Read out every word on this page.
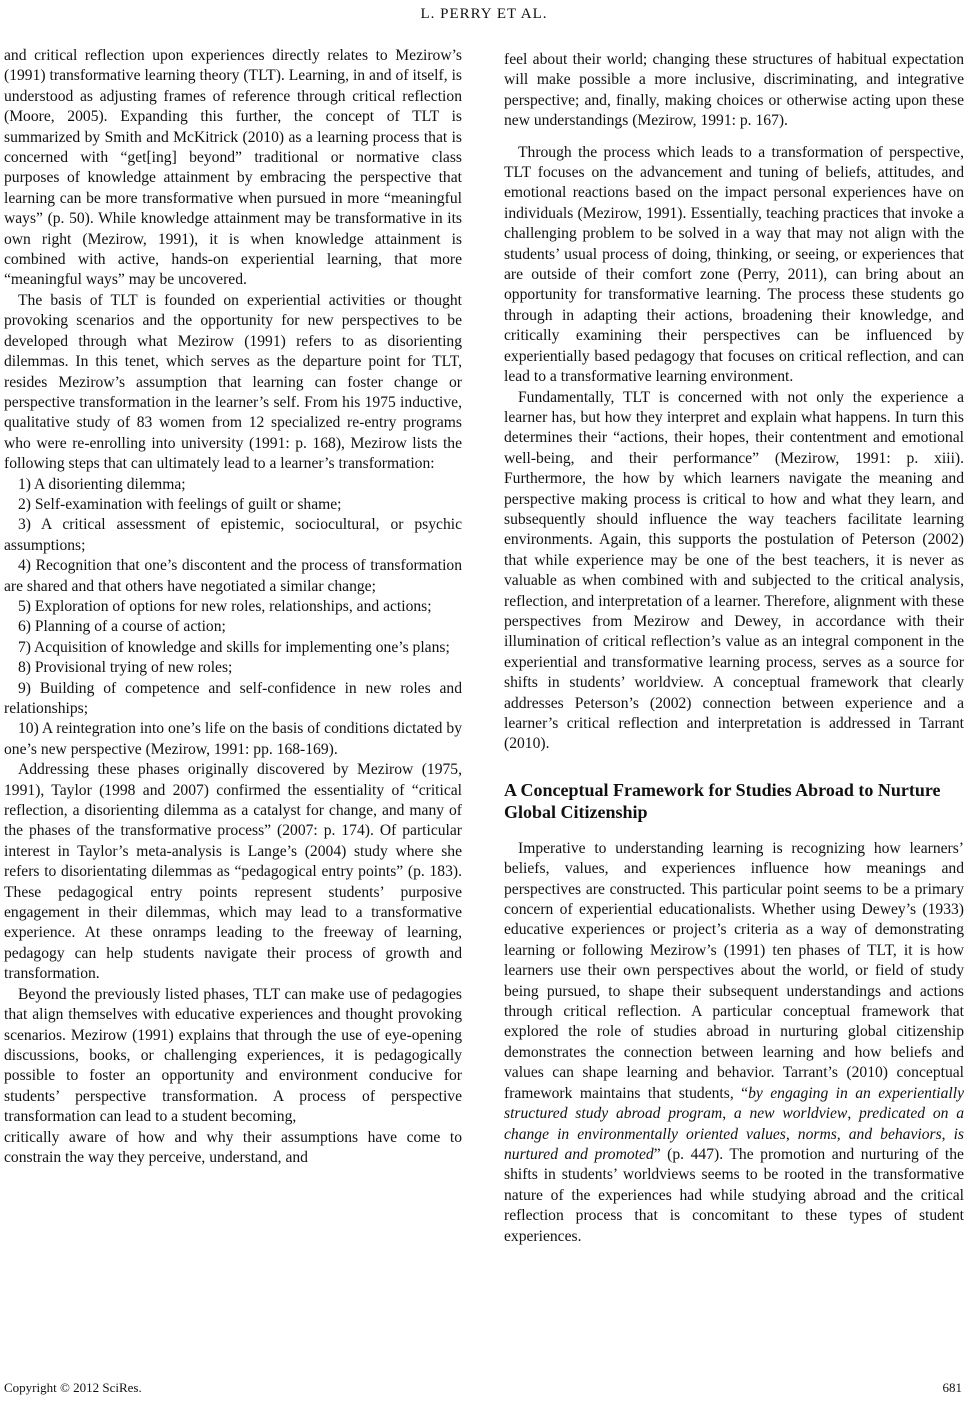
L. PERRY ET AL.

and critical reflection upon experiences directly relates to Mezirow’s (1991) transformative learning theory (TLT). Learning, in and of itself, is understood as adjusting frames of reference through critical reflection (Moore, 2005). Expanding this further, the concept of TLT is summarized by Smith and McKitrick (2010) as a learning process that is concerned with “get[ing] beyond” traditional or normative class purposes of knowledge attainment by embracing the perspective that learning can be more transformative when pursued in more “meaningful ways” (p. 50). While knowledge attainment may be transformative in its own right (Mezirow, 1991), it is when knowledge attainment is combined with active, hands-on experiential learning, that more “meaningful ways” may be uncovered.

The basis of TLT is founded on experiential activities or thought provoking scenarios and the opportunity for new perspectives to be developed through what Mezirow (1991) refers to as disorienting dilemmas. In this tenet, which serves as the departure point for TLT, resides Mezirow’s assumption that learning can foster change or perspective transformation in the learner’s self. From his 1975 inductive, qualitative study of 83 women from 12 specialized re-entry programs who were re-enrolling into university (1991: p. 168), Mezirow lists the following steps that can ultimately lead to a learner’s transformation:

1) A disorienting dilemma;
2) Self-examination with feelings of guilt or shame;
3) A critical assessment of epistemic, sociocultural, or psychic assumptions;
4) Recognition that one’s discontent and the process of transformation are shared and that others have negotiated a similar change;
5) Exploration of options for new roles, relationships, and actions;
6) Planning of a course of action;
7) Acquisition of knowledge and skills for implementing one’s plans;
8) Provisional trying of new roles;
9) Building of competence and self-confidence in new roles and relationships;
10) A reintegration into one’s life on the basis of conditions dictated by one’s new perspective (Mezirow, 1991: pp. 168-169).

Addressing these phases originally discovered by Mezirow (1975, 1991), Taylor (1998 and 2007) confirmed the essentiality of “critical reflection, a disorienting dilemma as a catalyst for change, and many of the phases of the transformative process” (2007: p. 174). Of particular interest in Taylor’s meta-analysis is Lange’s (2004) study where she refers to disorientating dilemmas as “pedagogical entry points” (p. 183). These pedagogical entry points represent students’ purposive engagement in their dilemmas, which may lead to a transformative experience. At these onramps leading to the freeway of learning, pedagogy can help students navigate their process of growth and transformation.

Beyond the previously listed phases, TLT can make use of pedagogies that align themselves with educative experiences and thought provoking scenarios. Mezirow (1991) explains that through the use of eye-opening discussions, books, or challenging experiences, it is pedagogically possible to foster an opportunity and environment conducive for students’ perspective transformation. A process of perspective transformation can lead to a student becoming,

critically aware of how and why their assumptions have come to constrain the way they perceive, understand, and

feel about their world; changing these structures of habitual expectation will make possible a more inclusive, discriminating, and integrative perspective; and, finally, making choices or otherwise acting upon these new understandings (Mezirow, 1991: p. 167).

Through the process which leads to a transformation of perspective, TLT focuses on the advancement and tuning of beliefs, attitudes, and emotional reactions based on the impact personal experiences have on individuals (Mezirow, 1991). Essentially, teaching practices that invoke a challenging problem to be solved in a way that may not align with the students’ usual process of doing, thinking, or seeing, or experiences that are outside of their comfort zone (Perry, 2011), can bring about an opportunity for transformative learning. The process these students go through in adapting their actions, broadening their knowledge, and critically examining their perspectives can be influenced by experientially based pedagogy that focuses on critical reflection, and can lead to a transformative learning environment.

Fundamentally, TLT is concerned with not only the experience a learner has, but how they interpret and explain what happens. In turn this determines their “actions, their hopes, their contentment and emotional well-being, and their performance” (Mezirow, 1991: p. xiii). Furthermore, the how by which learners navigate the meaning and perspective making process is critical to how and what they learn, and subsequently should influence the way teachers facilitate learning environments. Again, this supports the postulation of Peterson (2002) that while experience may be one of the best teachers, it is never as valuable as when combined with and subjected to the critical analysis, reflection, and interpretation of a learner. Therefore, alignment with these perspectives from Mezirow and Dewey, in accordance with their illumination of critical reflection’s value as an integral component in the experiential and transformative learning process, serves as a source for shifts in students’ worldview. A conceptual framework that clearly addresses Peterson’s (2002) connection between experience and a learner’s critical reflection and interpretation is addressed in Tarrant (2010).

A Conceptual Framework for Studies Abroad to Nurture Global Citizenship

Imperative to understanding learning is recognizing how learners’ beliefs, values, and experiences influence how meanings and perspectives are constructed. This particular point seems to be a primary concern of experiential educationalists. Whether using Dewey’s (1933) educative experiences or project’s criteria as a way of demonstrating learning or following Mezirow’s (1991) ten phases of TLT, it is how learners use their own perspectives about the world, or field of study being pursued, to shape their subsequent understandings and actions through critical reflection. A particular conceptual framework that explored the role of studies abroad in nurturing global citizenship demonstrates the connection between learning and how beliefs and values can shape learning and behavior. Tarrant’s (2010) conceptual framework maintains that students, “by engaging in an experientially structured study abroad program, a new worldview, predicated on a change in environmentally oriented values, norms, and behaviors, is nurtured and promoted” (p. 447). The promotion and nurturing of the shifts in students’ worldviews seems to be rooted in the transformative nature of the experiences had while studying abroad and the critical reflection process that is concomitant to these types of student experiences.

Copyright © 2012 SciRes.	681
